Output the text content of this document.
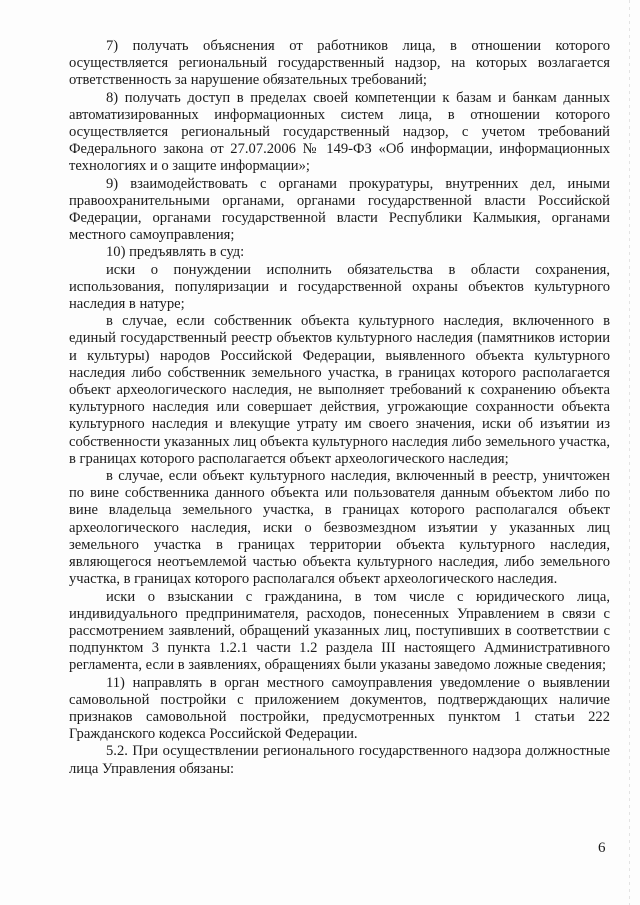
7) получать объяснения от работников лица, в отношении которого осуществляется региональный государственный надзор, на которых возлагается ответственность за нарушение обязательных требований;

8) получать доступ в пределах своей компетенции к базам и банкам данных автоматизированных информационных систем лица, в отношении которого осуществляется региональный государственный надзор, с учетом требований Федерального закона от 27.07.2006 № 149-ФЗ «Об информации, информационных технологиях и о защите информации»;

9) взаимодействовать с органами прокуратуры, внутренних дел, иными правоохранительными органами, органами государственной власти Российской Федерации, органами государственной власти Республики Калмыкия, органами местного самоуправления;

10) предъявлять в суд:

иски о понуждении исполнить обязательства в области сохранения, использования, популяризации и государственной охраны объектов культурного наследия в натуре;

в случае, если собственник объекта культурного наследия, включенного в единый государственный реестр объектов культурного наследия (памятников истории и культуры) народов Российской Федерации, выявленного объекта культурного наследия либо собственник земельного участка, в границах которого располагается объект археологического наследия, не выполняет требований к сохранению объекта культурного наследия или совершает действия, угрожающие сохранности объекта культурного наследия и влекущие утрату им своего значения, иски об изъятии из собственности указанных лиц объекта культурного наследия либо земельного участка, в границах которого располагается объект археологического наследия;

в случае, если объект культурного наследия, включенный в реестр, уничтожен по вине собственника данного объекта или пользователя данным объектом либо по вине владельца земельного участка, в границах которого располагался объект археологического наследия, иски о безвозмездном изъятии у указанных лиц земельного участка в границах территории объекта культурного наследия, являющегося неотъемлемой частью объекта культурного наследия, либо земельного участка, в границах которого располагался объект археологического наследия.

иски о взыскании с гражданина, в том числе с юридического лица, индивидуального предпринимателя, расходов, понесенных Управлением в связи с рассмотрением заявлений, обращений указанных лиц, поступивших в соответствии с подпунктом 3 пункта 1.2.1 части 1.2 раздела III настоящего Административного регламента, если в заявлениях, обращениях были указаны заведомо ложные сведения;

11) направлять в орган местного самоуправления уведомление о выявлении самовольной постройки с приложением документов, подтверждающих наличие признаков самовольной постройки, предусмотренных пунктом 1 статьи 222 Гражданского кодекса Российской Федерации.

5.2. При осуществлении регионального государственного надзора должностные лица Управления обязаны:

6
